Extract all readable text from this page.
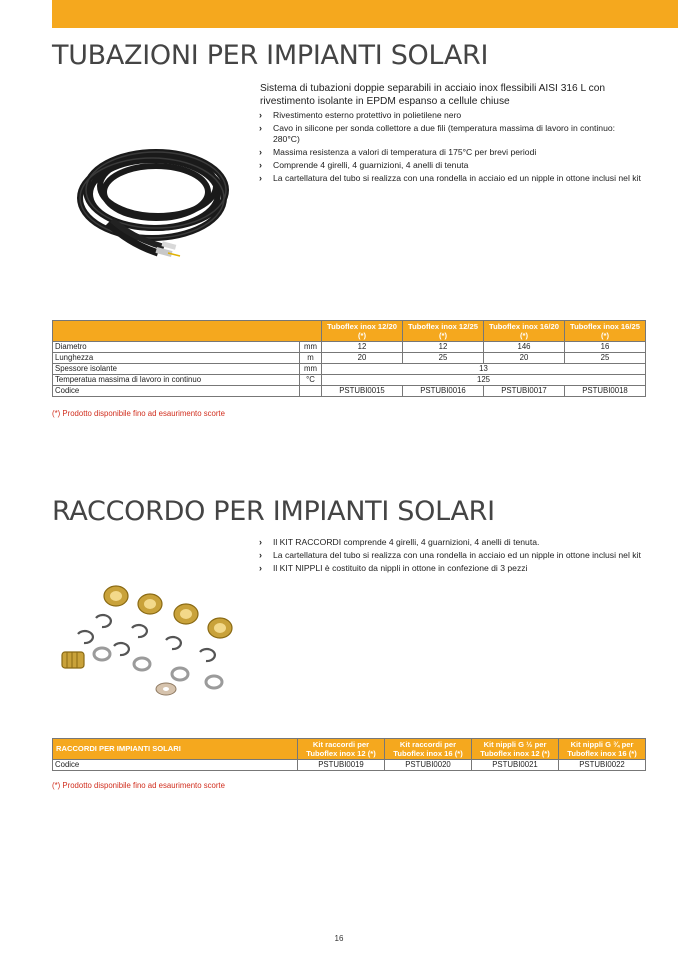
TUBAZIONI PER IMPIANTI SOLARI

Sistema di tubazioni doppie separabili in acciaio inox flessibili AISI 316 L con rivestimento isolante in EPDM espanso a cellule chiuse

› Rivestimento esterno protettivo in polietilene nero
› Cavo in silicone per sonda collettore a due fili (temperatura massima di lavoro in continuo: 280°C)
› Massima resistenza a valori di temperatura di 175°C per brevi periodi
› Comprende 4 girelli, 4 guarnizioni, 4 anelli di tenuta
› La cartellatura del tubo si realizza con una rondella in acciaio ed un nipple in ottone inclusi nel kit
		Tuboflex inox 12/20 (*)	Tuboflex inox 12/25 (*)	Tuboflex inox 16/20 (*)	Tuboflex inox 16/25 (*)
Diametro	mm	12	12	146	16
Lunghezza	m	20	25	20	25
Spessore isolante	mm	13			
Temperatua massima di lavoro in continuo	°C	125			
Codice		PSTUBI0015	PSTUBI0016	PSTUBI0017	PSTUBI0018

(*) Prodotto disponibile fino ad esaurimento scorte

RACCORDO PER IMPIANTI SOLARI
› Il KIT RACCORDI comprende 4 girelli, 4 guarnizioni, 4 anelli di tenuta.
› La cartellatura del tubo si realizza con una rondella in acciaio ed un nipple in ottone inclusi nel kit
› Il KIT NIPPLI è costituito da nippli in ottone in confezione di 3 pezzi
RACCORDI PER IMPIANTI SOLARI	Kit raccordi per Tuboflex inox 12 (*)	Kit raccordi per Tuboflex inox 16 (*)	Kit nippli G ½ per Tuboflex inox 12 (*)	Kit nippli G ¾ per Tuboflex inox 16 (*)
Codice	PSTUBI0019	PSTUBI0020	PSTUBI0021	PSTUBI0022

(*) Prodotto disponibile fino ad esaurimento scorte

16
